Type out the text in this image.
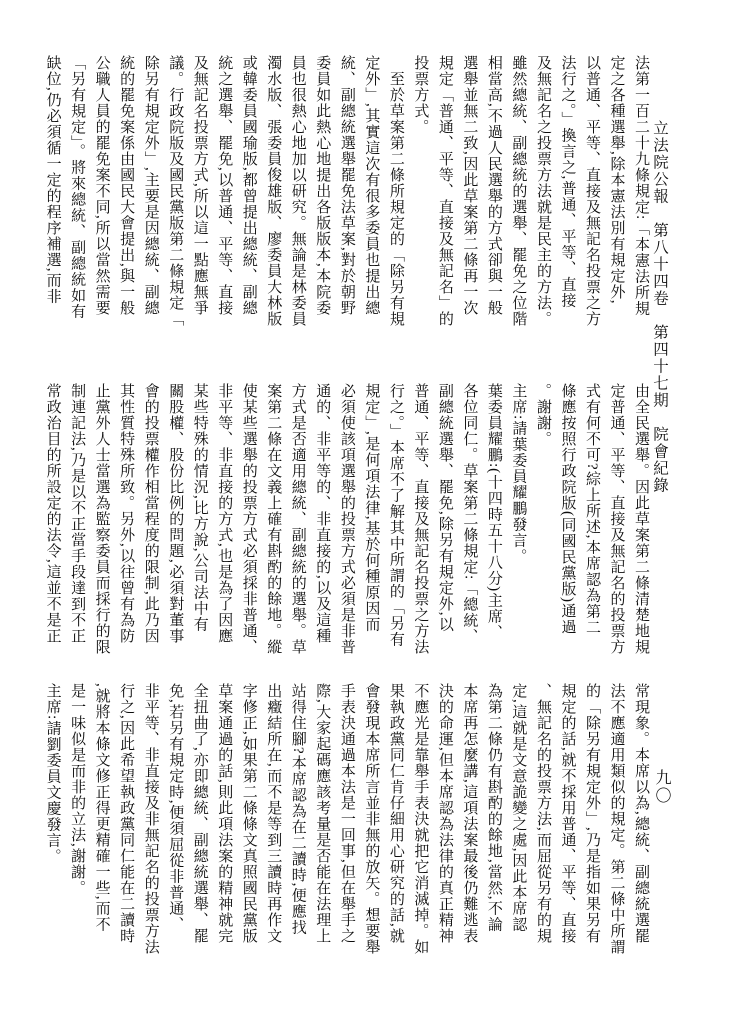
立法院公報　第八十四卷　第四十七期　院會紀錄
九〇
法第一百二十九條規定:「本憲法所規
定之各種選舉,除本憲法別有規定外,
以普通、平等、直接及無記名投票之方
法行之。」換言之,普通、平等、直接
及無記名之投票方法就是民主的方法。
雖然總統、副總統的選舉、罷免之位階
相當高,不過人民選舉的方式卻與一般
選舉並無二致,因此草案第二條再一次
規定「普通、平等、直接及無記名」的
投票方式。
　至於草案第二條所規定的「除另有規
定外」,其實這次有很多委員也提出總
統、副總統選舉罷免法草案,對於朝野
委員如此熱心地提出各版版本,本院委
員也很熱心地加以研究。無論是林委員
濁水版、張委員俊雄版、廖委員大林版
或韓委員國瑜版,都曾提出總統、副總
統之選舉、罷免,以普通、平等、直接
及無記名投票方式,所以這一點應無爭
議。行政院版及國民黨版第二條規定「
除另有規定外」,主要是因總統、副總
統的罷免案係由國民大會提出,與一般
公職人員的罷免案不同,所以當然需要
「另有規定」。將來總統、副總統如有
缺位,仍必須循一定的程序補選,而非
由全民選舉。因此草案第二條清楚地規
定普通、平等、直接及無記名的投票方
式有何不可?綜上所述,本席認為第二
條應按照行政院版(同國民黨版)通過
。謝謝。
主席:請葉委員耀鵬發言。
葉委員耀鵬:(十四時五十八分)主席、
各位同仁。草案第二條規定:「總統、
副總統選舉、罷免,除另有規定外,以
普通、平等、直接及無記名投票之方法
行之。」本席不了解其中所謂的「另有
規定」,是何項法律,基於何種原因而
必須使該項選舉的投票方式必須是非普
通的、非平等的、非直接的,以及這種
方式是否適用總統、副總統的選舉。草
案第二條在文義上確有斟酌的餘地。縱
使某些選舉的投票方式必須採非普通、
非平等、非直接的方式,也是為了因應
某些特殊的情況,比方說,公司法中有
關股權、股份比例的問題,必須對董事
會的投票權作相當程度的限制,此乃因
其性質特殊所致。另外,以往曾有為防
止黨外人士當選為監察委員而採行的限
制連記法,乃是以不正當手段達到不正
常政治目的所設定的法令,這並不是正
常現象。本席以為,總統、副總統選罷
法不應適用類似的規定。第二條中所謂
的「除另有規定外」,乃是指如果另有
規定的話,就不採用普通、平等、直接
、無記名的投票方法,而屈從另有的規
定,這就是文意詭變之處,因此本席認
為第二條仍有斟酌的餘地,當然,不論
本席再怎麼講,這項法案最後仍難逃表
決的命運,但本席認為法律的真正精神
不應光是靠舉手表決就把它消滅掉。如
果執政黨同仁肯仔細用心研究的話,就
會發現本席所言並非無的放矢。想要舉
手表決通過本法是一回事,但在舉手之
際,大家起碼應該考量是否能在法理上
站得住腳?本席認為在二讀時,便應找
出癥結所在,而不是等到三讀時再作文
字修正,如果第二條條文真照國民黨版
草案通過的話,則此項法案的精神就完
全扭曲了,亦即總統、副總統選舉、罷
免,若另有規定時,便須屈從非普通、
非平等、非直接及非無記名的投票方法
行之,因此希望執政黨同仁能在二讀時
,就將本條文修正得更精確一些,而不
是一味似是而非的立法,謝謝。
主席:請劉委員文慶發言。
